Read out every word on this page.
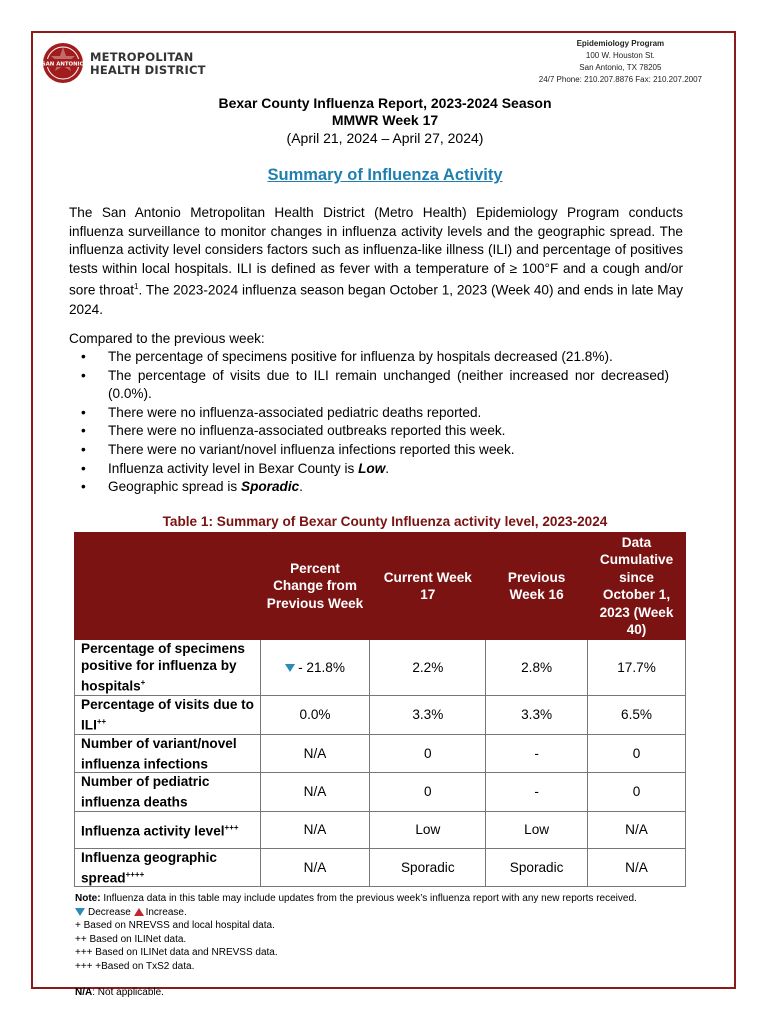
SAN ANTONIO
METROPOLITAN
HEALTH DISTRICT
Epidemiology Program
100 W. Houston St.
San Antonio, TX 78205
24/7 Phone: 210.207.8876 Fax: 210.207.2007
Bexar County Influenza Report, 2023-2024 Season
MMWR Week 17
(April 21, 2024 – April 27, 2024)
Summary of Influenza Activity
The San Antonio Metropolitan Health District (Metro Health) Epidemiology Program conducts influenza surveillance to monitor changes in influenza activity levels and the geographic spread. The influenza activity level considers factors such as influenza-like illness (ILI) and percentage of positives tests within local hospitals. ILI is defined as fever with a temperature of ≥ 100°F and a cough and/or sore throat$^1$. The 2023-2024 influenza season began October 1, 2023 (Week 40) and ends in late May 2024.
Compared to the previous week:
• The percentage of specimens positive for influenza by hospitals decreased (21.8%).
• The percentage of visits due to ILI remain unchanged (neither increased nor decreased) (0.0%).
• There were no influenza-associated pediatric deaths reported.
• There were no influenza-associated outbreaks reported this week.
• There were no variant/novel influenza infections reported this week.
• Influenza activity level in Bexar County is Low.
• Geographic spread is Sporadic.
Table 1: Summary of Bexar County Influenza activity level, 2023-2024
	Percent Change from Previous Week	Current Week 17	Previous Week 16	Data Cumulative since October 1, 2023 (Week 40)
Percentage of specimens positive for influenza by hospitals+	- 21.8%	2.2%	2.8%	17.7%
Percentage of visits due to ILI++	0.0%	3.3%	3.3%	6.5%
Number of variant/novel influenza infections	N/A	0	-	0
Number of pediatric influenza deaths	N/A	0	-	0
Influenza activity level+++	N/A	Low	Low	N/A
Influenza geographic spread++++	N/A	Sporadic	Sporadic	N/A
Note: Influenza data in this table may include updates from the previous week’s influenza report with any new reports received.
Decrease Increase.
+ Based on NREVSS and local hospital data.
++ Based on ILINet data.
+++ Based on ILINet data and NREVSS data.
+++ +Based on TxS2 data.
N/A: Not applicable.
